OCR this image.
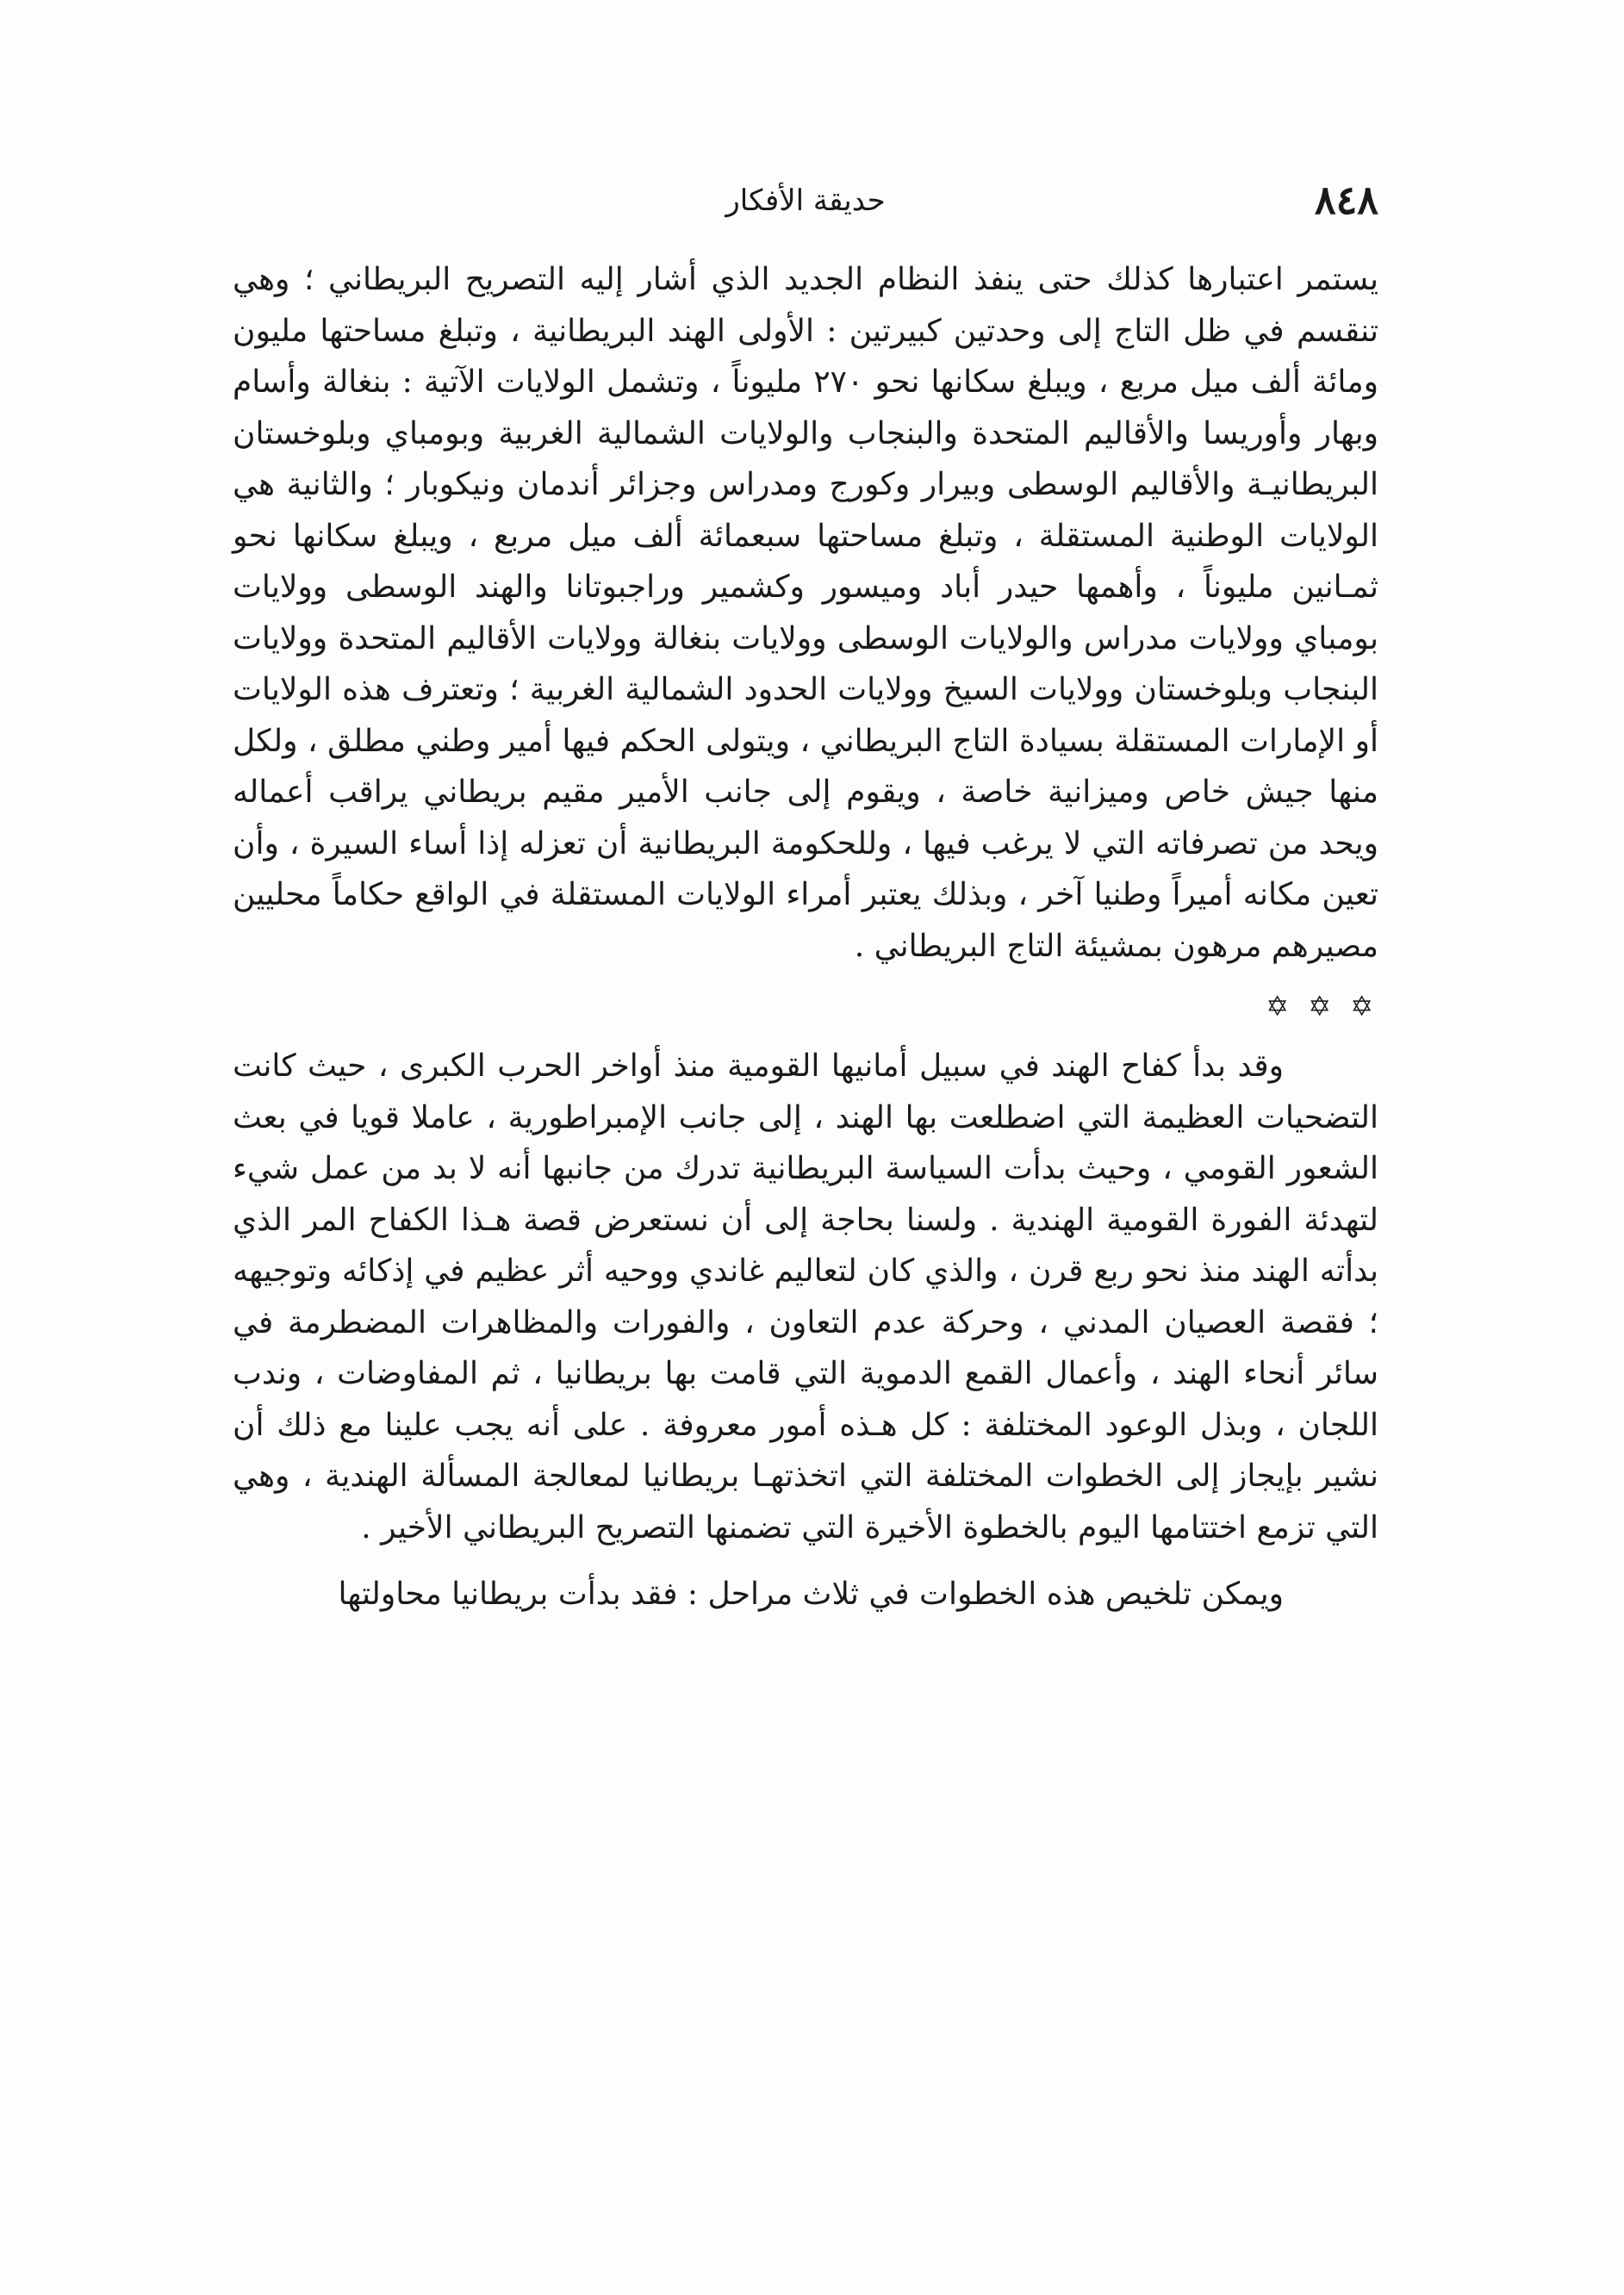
٨٤٨
حديقة الأفكار

يستمر اعتبارها كذلك حتى ينفذ النظام الجديد الذي أشار إليه التصريح البريطاني ؛ وهي تنقسم في ظل التاج إلى وحدتين كبيرتين : الأولى الهند البريطانية ، وتبلغ مساحتها مليون ومائة ألف ميل مربع ، ويبلغ سكانها نحو ٢٧٠ مليوناً ، وتشمل الولايات الآتية : بنغالة وأسام وبهار وأوريسا والأقاليم المتحدة والبنجاب والولايات الشمالية الغربية وبومباي وبلوخستان البريطانيـة والأقاليم الوسطى وبيرار وكورج ومدراس وجزائر أندمان ونيكوبار ؛ والثانية هي الولايات الوطنية المستقلة ، وتبلغ مساحتها سبعمائة ألف ميل مربع ، ويبلغ سكانها نحو ثمـانين مليوناً ، وأهمها حيدر أباد وميسور وكشمير وراجبوتانا والهند الوسطى وولايات بومباي وولايات مدراس والولايات الوسطى وولايات بنغالة وولايات الأقاليم المتحدة وولايات البنجاب وبلوخستان وولايات السيخ وولايات الحدود الشمالية الغربية ؛ وتعترف هذه الولايات أو الإمارات المستقلة بسيادة التاج البريطاني ، ويتولى الحكم فيها أمير وطني مطلق ، ولكل منها جيش خاص وميزانية خاصة ، ويقوم إلى جانب الأمير مقيم بريطاني يراقب أعماله ويحد من تصرفاته التي لا يرغب فيها ، وللحكومة البريطانية أن تعزله إذا أساء السيرة ، وأن تعين مكانه أميراً وطنيا آخر ، وبذلك يعتبر أمراء الولايات المستقلة في الواقع حكاماً محليين مصيرهم مرهون بمشيئة التاج البريطاني .

✡ ✡ ✡

وقد بدأ كفاح الهند في سبيل أمانيها القومية منذ أواخر الحرب الكبرى ، حيث كانت التضحيات العظيمة التي اضطلعت بها الهند ، إلى جانب الإمبراطورية ، عاملا قويا في بعث الشعور القومي ، وحيث بدأت السياسة البريطانية تدرك من جانبها أنه لا بد من عمل شيء لتهدئة الفورة القومية الهندية . ولسنا بحاجة إلى أن نستعرض قصة هـذا الكفاح المر الذي بدأته الهند منذ نحو ربع قرن ، والذي كان لتعاليم غاندي ووحيه أثر عظيم في إذكائه وتوجيهه ؛ فقصة العصيان المدني ، وحركة عدم التعاون ، والفورات والمظاهرات المضطرمة في سائر أنحاء الهند ، وأعمال القمع الدموية التي قامت بها بريطانيا ، ثم المفاوضات ، وندب اللجان ، وبذل الوعود المختلفة : كل هـذه أمور معروفة . على أنه يجب علينا مع ذلك أن نشير بإيجاز إلى الخطوات المختلفة التي اتخذتهـا بريطانيا لمعالجة المسألة الهندية ، وهي التي تزمع اختتامها اليوم بالخطوة الأخيرة التي تضمنها التصريح البريطاني الأخير .

ويمكن تلخيص هذه الخطوات في ثلاث مراحل : فقد بدأت بريطانيا محاولتها
